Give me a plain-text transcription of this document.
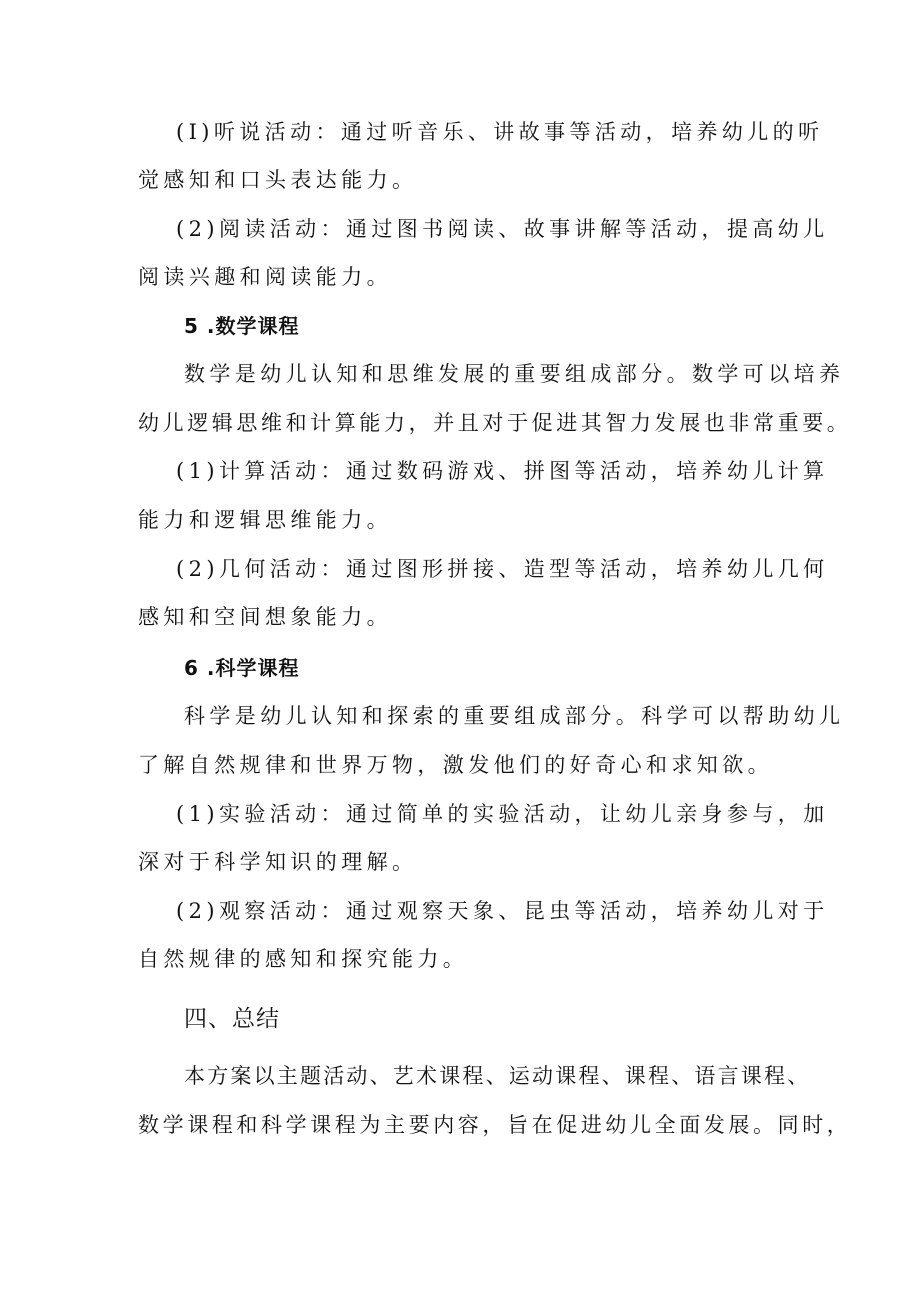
(I)听说活动：通过听音乐、讲故事等活动，培养幼儿的听
觉感知和口头表达能力。
(2)阅读活动：通过图书阅读、故事讲解等活动，提高幼儿
阅读兴趣和阅读能力。
5 .数学课程
数学是幼儿认知和思维发展的重要组成部分。数学可以培养
幼儿逻辑思维和计算能力，并且对于促进其智力发展也非常重要。
(1)计算活动：通过数码游戏、拼图等活动，培养幼儿计算
能力和逻辑思维能力。
(2)几何活动：通过图形拼接、造型等活动，培养幼儿几何
感知和空间想象能力。
6 .科学课程
科学是幼儿认知和探索的重要组成部分。科学可以帮助幼儿
了解自然规律和世界万物，激发他们的好奇心和求知欲。
(1)实验活动：通过简单的实验活动，让幼儿亲身参与，加
深对于科学知识的理解。
(2)观察活动：通过观察天象、昆虫等活动，培养幼儿对于
自然规律的感知和探究能力。
四、总结
本方案以主题活动、艺术课程、运动课程、课程、语言课程、
数学课程和科学课程为主要内容，旨在促进幼儿全面发展。同时，
